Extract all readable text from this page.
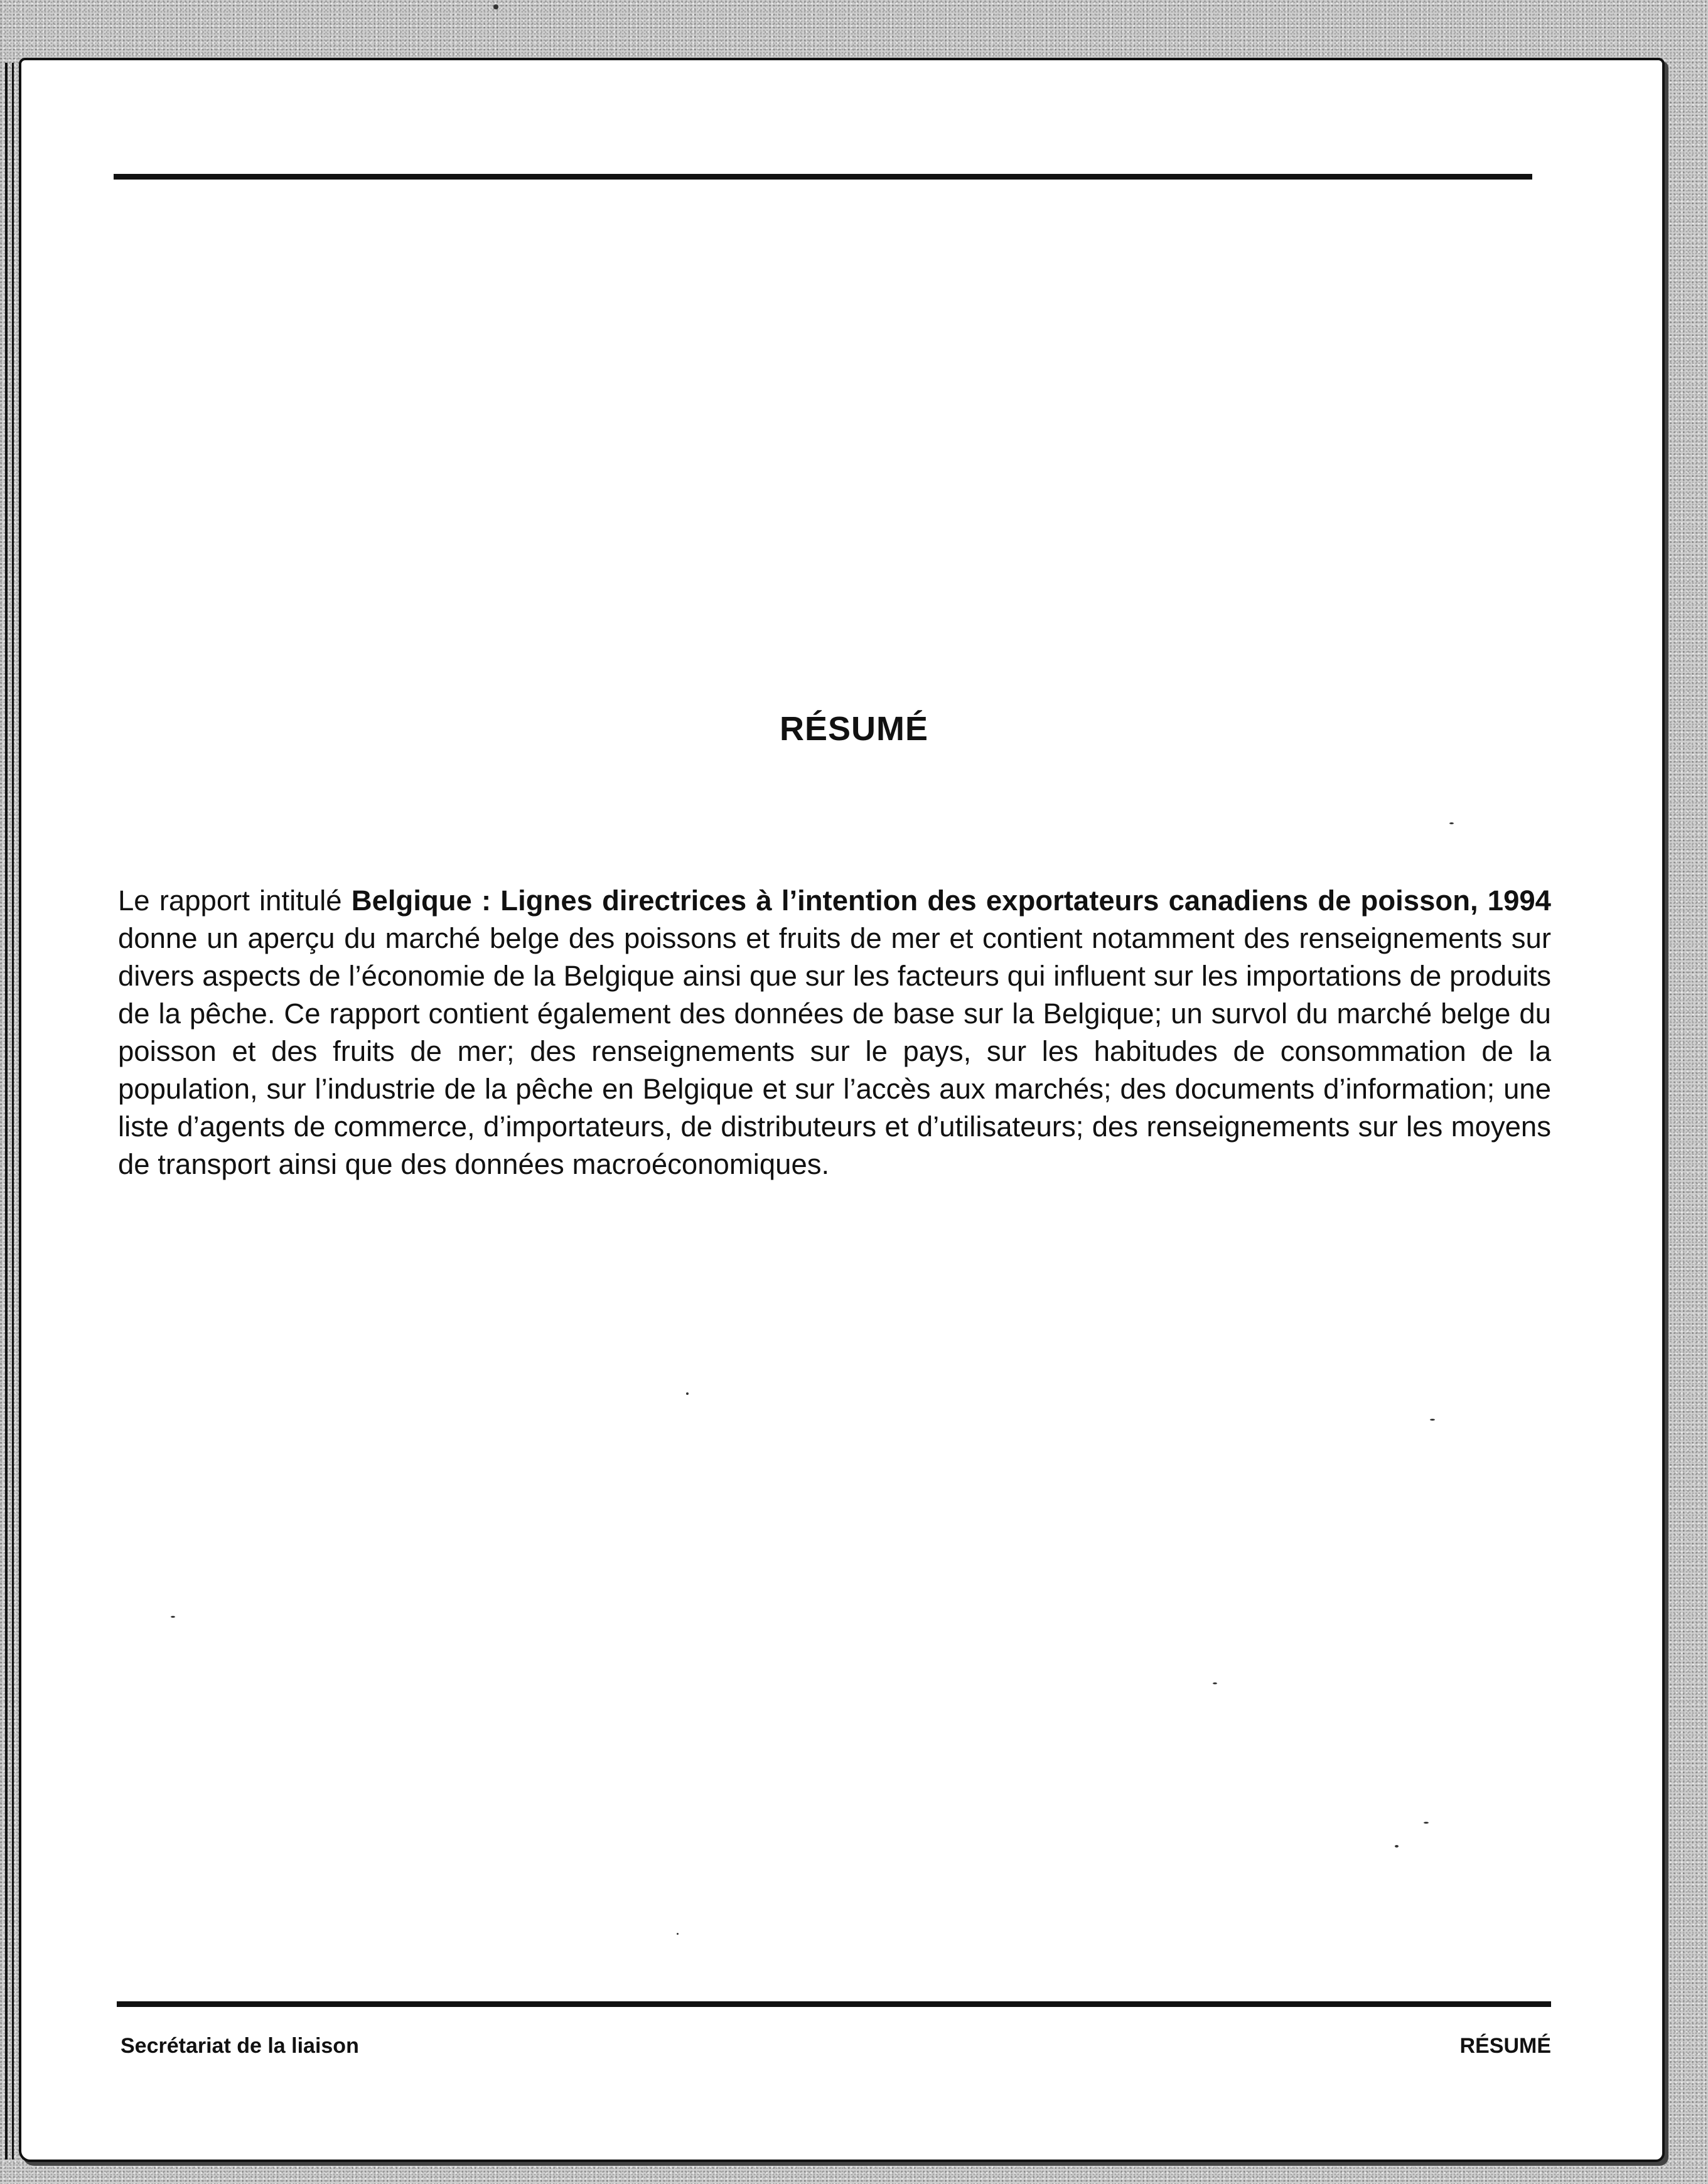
RÉSUMÉ

Le rapport intitulé Belgique : Lignes directrices à l’intention des exportateurs canadiens de poisson, 1994 donne un aperçu du marché belge des poissons et fruits de mer et contient notamment des renseignements sur divers aspects de l’économie de la Belgique ainsi que sur les facteurs qui influent sur les importations de produits de la pêche. Ce rapport contient également des données de base sur la Belgique; un survol du marché belge du poisson et des fruits de mer; des renseignements sur le pays, sur les habitudes de consommation de la population, sur l’industrie de la pêche en Belgique et sur l’accès aux marchés; des documents d’information; une liste d’agents de commerce, d’importateurs, de distributeurs et d’utilisateurs; des renseignements sur les moyens de transport ainsi que des données macroéconomiques.

Secrétariat de la liaison	RÉSUMÉ
